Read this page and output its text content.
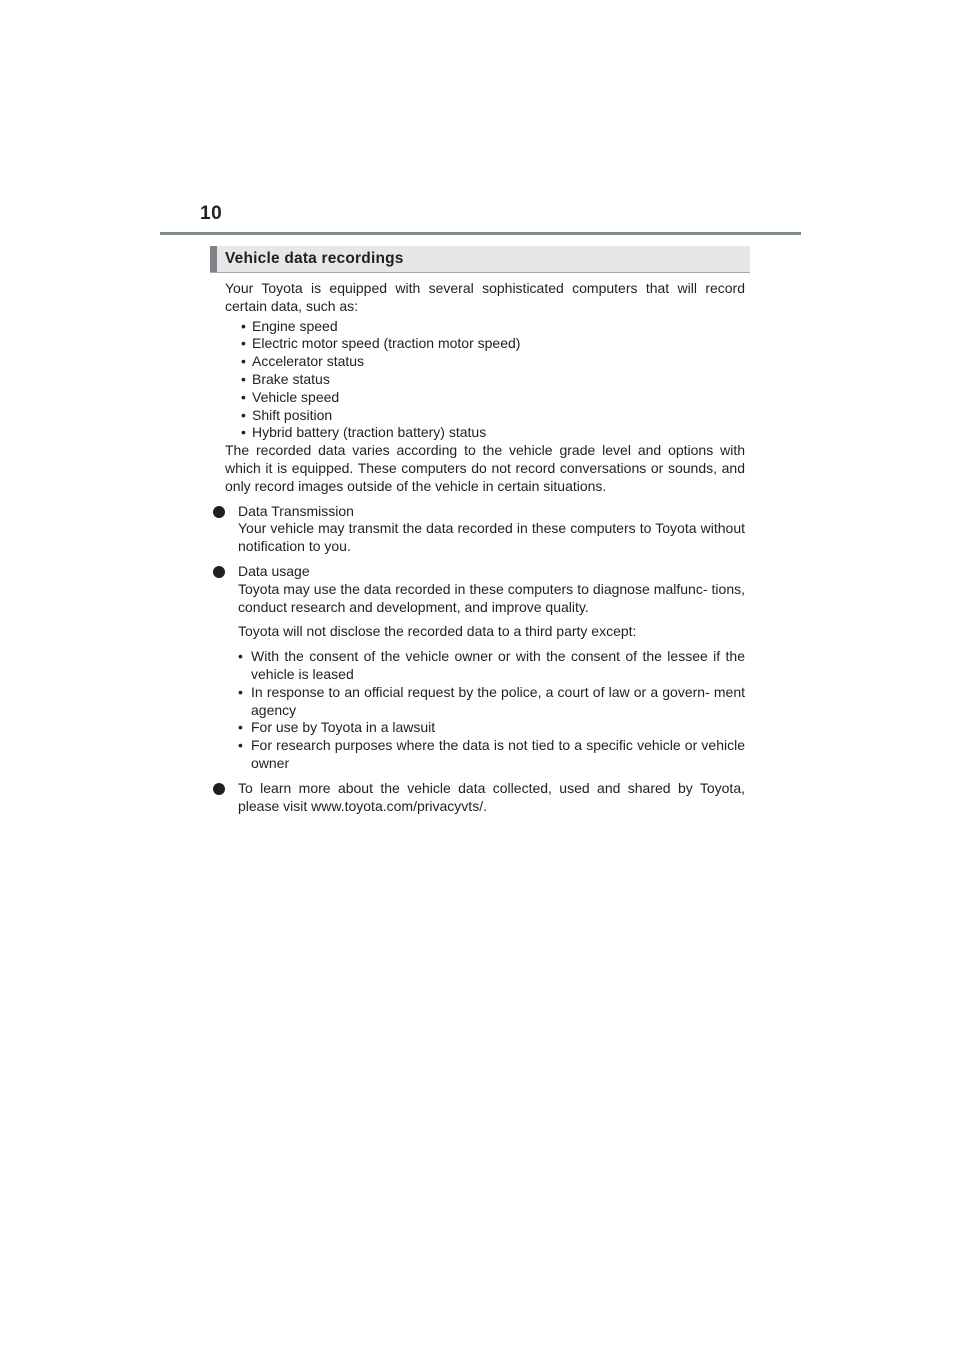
10
Vehicle data recordings

Your Toyota is equipped with several sophisticated computers that will record certain data, such as:

• Engine speed
• Electric motor speed (traction motor speed)
• Accelerator status
• Brake status
• Vehicle speed
• Shift position
• Hybrid battery (traction battery) status

The recorded data varies according to the vehicle grade level and options with which it is equipped. These computers do not record conversations or sounds, and only record images outside of the vehicle in certain situations.

Data Transmission

Your vehicle may transmit the data recorded in these computers to Toyota without notification to you.

Data usage

Toyota may use the data recorded in these computers to diagnose malfunc- tions, conduct research and development, and improve quality.

Toyota will not disclose the recorded data to a third party except:

• With the consent of the vehicle owner or with the consent of the lessee if the vehicle is leased
• In response to an official request by the police, a court of law or a govern- ment agency
• For use by Toyota in a lawsuit
• For research purposes where the data is not tied to a specific vehicle or vehicle owner

To learn more about the vehicle data collected, used and shared by Toyota, please visit www.toyota.com/privacyvts/.
